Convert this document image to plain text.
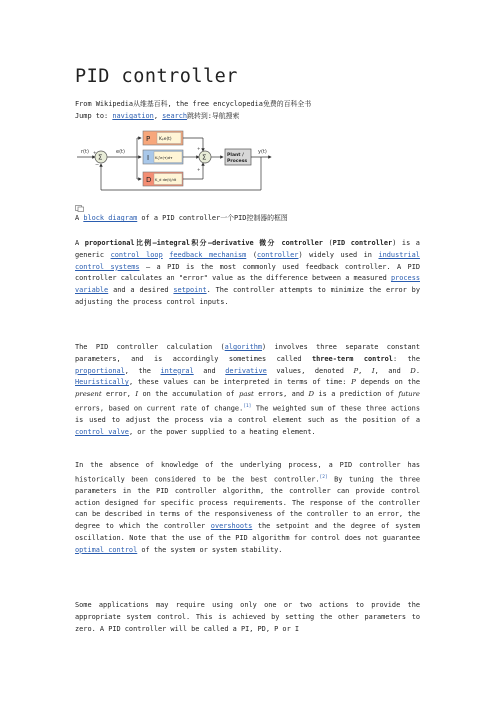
PID controller
From Wikipedia从维基百科, the free encyclopedia免费的百科全书
Jump to: navigation, search跳转到:导航搜索
r(t)
Σ
+
−
e(t)
P Kₚe(t)
I Kᵢ∫e(τ)dτ
D K_d de(t)/dt
Σ
+
+
Plant /
Process
y(t)
A block diagram of a PID controller一个PID控制器的框图
A proportional比例–integral积分–derivative 微分 controller (PID controller) is a generic control loop feedback mechanism (controller) widely used in industrial control systems – a PID is the most commonly used feedback controller. A PID controller calculates an "error" value as the difference between a measured process variable and a desired setpoint. The controller attempts to minimize the error by adjusting the process control inputs.
The PID controller calculation (algorithm) involves three separate constant parameters, and is accordingly sometimes called three-term control: the proportional, the integral and derivative values, denoted P, I, and D. Heuristically, these values can be interpreted in terms of time: P depends on the present error, I on the accumulation of past errors, and D is a prediction of future errors, based on current rate of change.[1] The weighted sum of these three actions is used to adjust the process via a control element such as the position of a control valve, or the power supplied to a heating element.
In the absence of knowledge of the underlying process, a PID controller has historically been considered to be the best controller.[2] By tuning the three parameters in the PID controller algorithm, the controller can provide control action designed for specific process requirements. The response of the controller can be described in terms of the responsiveness of the controller to an error, the degree to which the controller overshoots the setpoint and the degree of system oscillation. Note that the use of the PID algorithm for control does not guarantee optimal control of the system or system stability.
Some applications may require using only one or two actions to provide the appropriate system control. This is achieved by setting the other parameters to zero. A PID controller will be called a PI, PD, P or I
